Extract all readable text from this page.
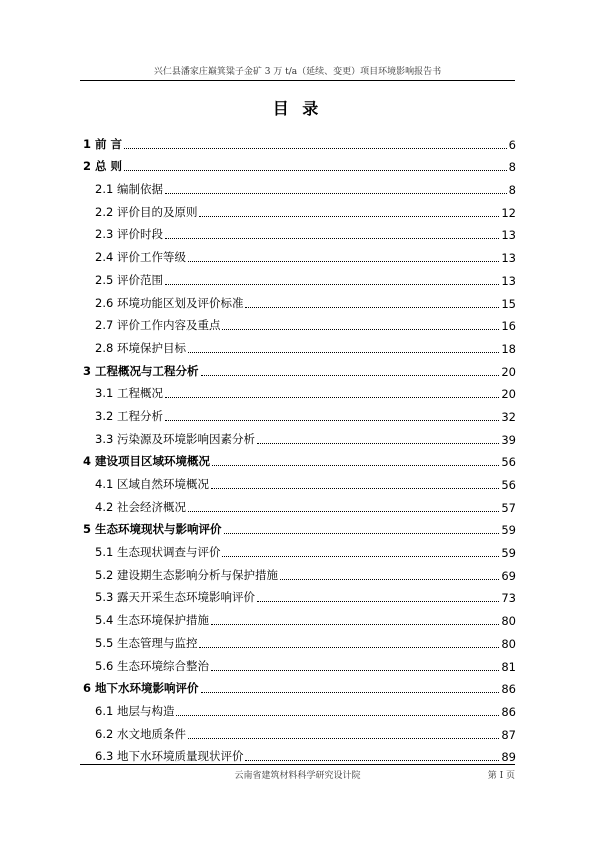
兴仁县潘家庄巅箕粱子金矿 3 万 t/a（延续、变更）项目环境影响报告书
目 录
1 前 言	6
2 总 则	8
2.1 编制依据	8
2.2 评价目的及原则	12
2.3 评价时段	13
2.4 评价工作等级	13
2.5 评价范围	13
2.6 环境功能区划及评价标准	15
2.7 评价工作内容及重点	16
2.8 环境保护目标	18
3 工程概况与工程分析	20
3.1 工程概况	20
3.2 工程分析	32
3.3 污染源及环境影响因素分析	39
4 建设项目区域环境概况	56
4.1 区域自然环境概况	56
4.2 社会经济概况	57
5 生态环境现状与影响评价	59
5.1 生态现状调查与评价	59
5.2 建设期生态影响分析与保护措施	69
5.3 露天开采生态环境影响评价	73
5.4 生态环境保护措施	80
5.5 生态管理与监控	80
5.6 生态环境综合整治	81
6 地下水环境影响评价	86
6.1 地层与构造	86
6.2 水文地质条件	87
6.3 地下水环境质量现状评价	89
云南省建筑材料科学研究设计院	第 I 页
